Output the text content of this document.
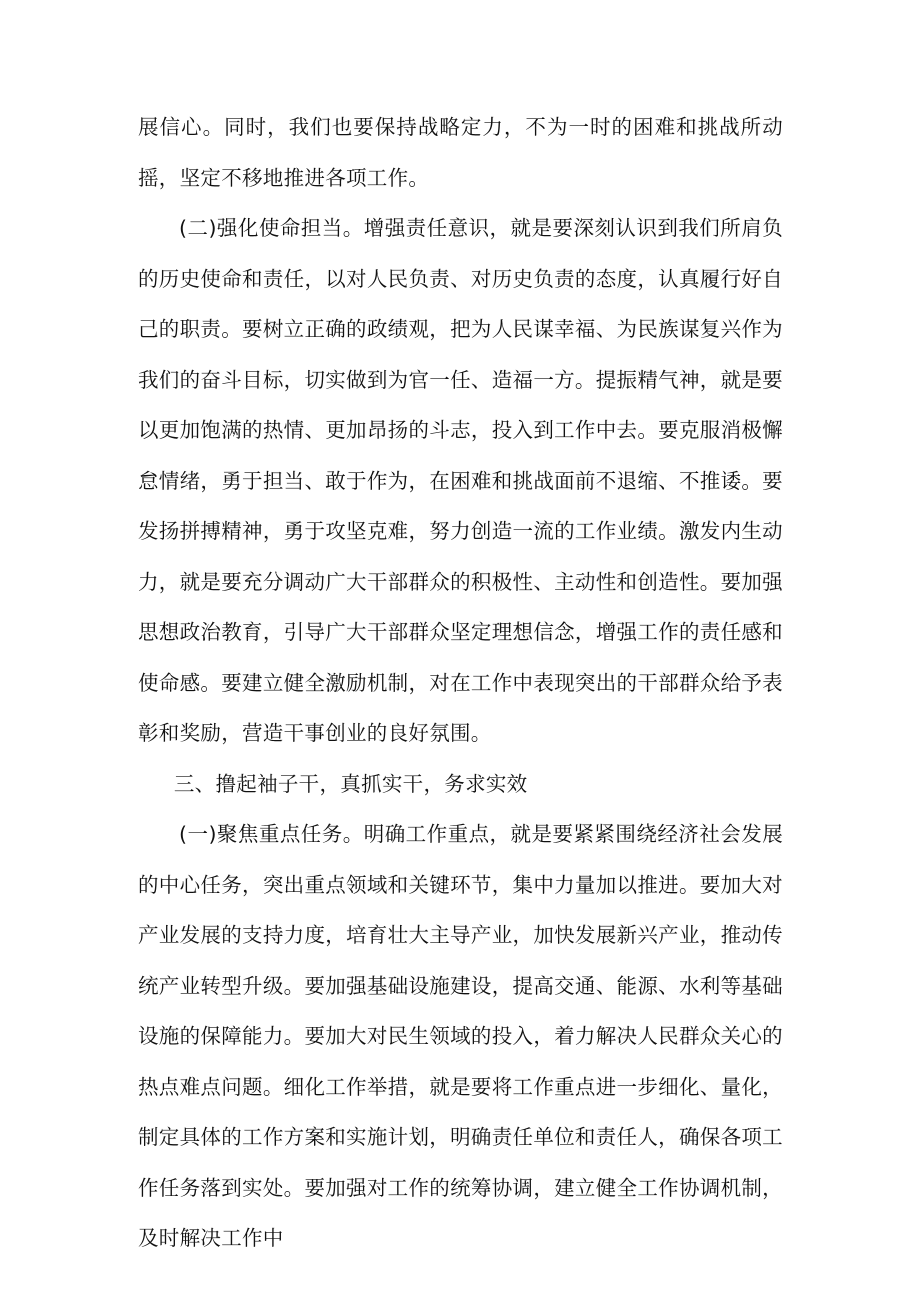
展信心。同时，我们也要保持战略定力，不为一时的困难和挑战所动摇，坚定不移地推进各项工作。

(二)强化使命担当。增强责任意识，就是要深刻认识到我们所肩负的历史使命和责任，以对人民负责、对历史负责的态度，认真履行好自己的职责。要树立正确的政绩观，把为人民谋幸福、为民族谋复兴作为我们的奋斗目标，切实做到为官一任、造福一方。提振精气神，就是要以更加饱满的热情、更加昂扬的斗志，投入到工作中去。要克服消极懈怠情绪，勇于担当、敢于作为，在困难和挑战面前不退缩、不推诿。要发扬拼搏精神，勇于攻坚克难，努力创造一流的工作业绩。激发内生动力，就是要充分调动广大干部群众的积极性、主动性和创造性。要加强思想政治教育，引导广大干部群众坚定理想信念，增强工作的责任感和使命感。要建立健全激励机制，对在工作中表现突出的干部群众给予表彰和奖励，营造干事创业的良好氛围。

三、撸起袖子干，真抓实干，务求实效

(一)聚焦重点任务。明确工作重点，就是要紧紧围绕经济社会发展的中心任务，突出重点领域和关键环节，集中力量加以推进。要加大对产业发展的支持力度，培育壮大主导产业，加快发展新兴产业，推动传统产业转型升级。要加强基础设施建设，提高交通、能源、水利等基础设施的保障能力。要加大对民生领域的投入，着力解决人民群众关心的热点难点问题。细化工作举措，就是要将工作重点进一步细化、量化，制定具体的工作方案和实施计划，明确责任单位和责任人，确保各项工作任务落到实处。要加强对工作的统筹协调，建立健全工作协调机制，及时解决工作中
